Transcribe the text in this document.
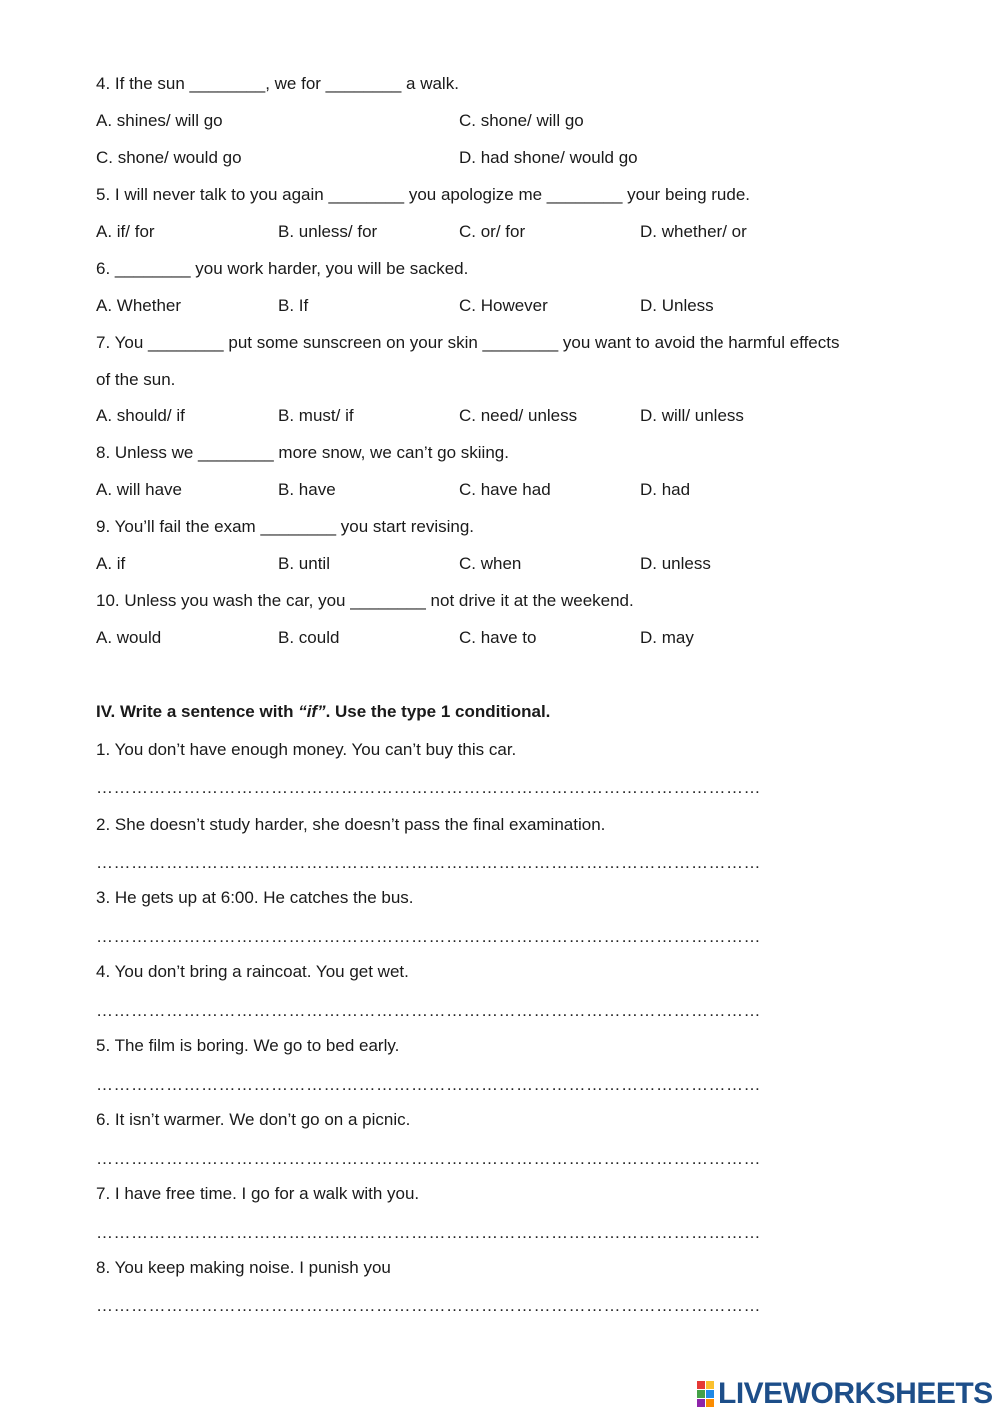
4. If the sun ________, we for ________ a walk.
A. shines/ will go	C. shone/ will go
C. shone/ would go	D. had shone/ would go
5. I will never talk to you again ________ you apologize me ________ your being rude.
A. if/ for	B. unless/ for	C. or/ for	D. whether/ or
6. ________ you work harder, you will be sacked.
A. Whether	B. If	C. However	D. Unless
7. You ________ put some sunscreen on your skin ________ you want to avoid the harmful effects
of the sun.
A. should/ if	B. must/ if	C. need/ unless	D. will/ unless
8. Unless we ________ more snow, we can’t go skiing.
A. will have	B. have	C. have had	D. had
9. You’ll fail the exam ________ you start revising.
A. if	B. until	C. when	D. unless
10. Unless you wash the car, you ________ not drive it at the weekend.
A. would	B. could	C. have to	D. may
IV. Write a sentence with “if”. Use the type 1 conditional.
1. You don’t have enough money. You can’t buy this car.
……………………………………………………………………………………………………
2. She doesn’t study harder, she doesn’t pass the final examination.
……………………………………………………………………………………………………
3. He gets up at 6:00. He catches the bus.
……………………………………………………………………………………………………
4. You don’t bring a raincoat. You get wet.
……………………………………………………………………………………………………
5. The film is boring. We go to bed early.
……………………………………………………………………………………………………
6. It isn’t warmer. We don’t go on a picnic.
……………………………………………………………………………………………………
7. I have free time. I go for a walk with you.
……………………………………………………………………………………………………
8. You keep making noise. I punish you
……………………………………………………………………………………………………
LIVEWORKSHEETS
